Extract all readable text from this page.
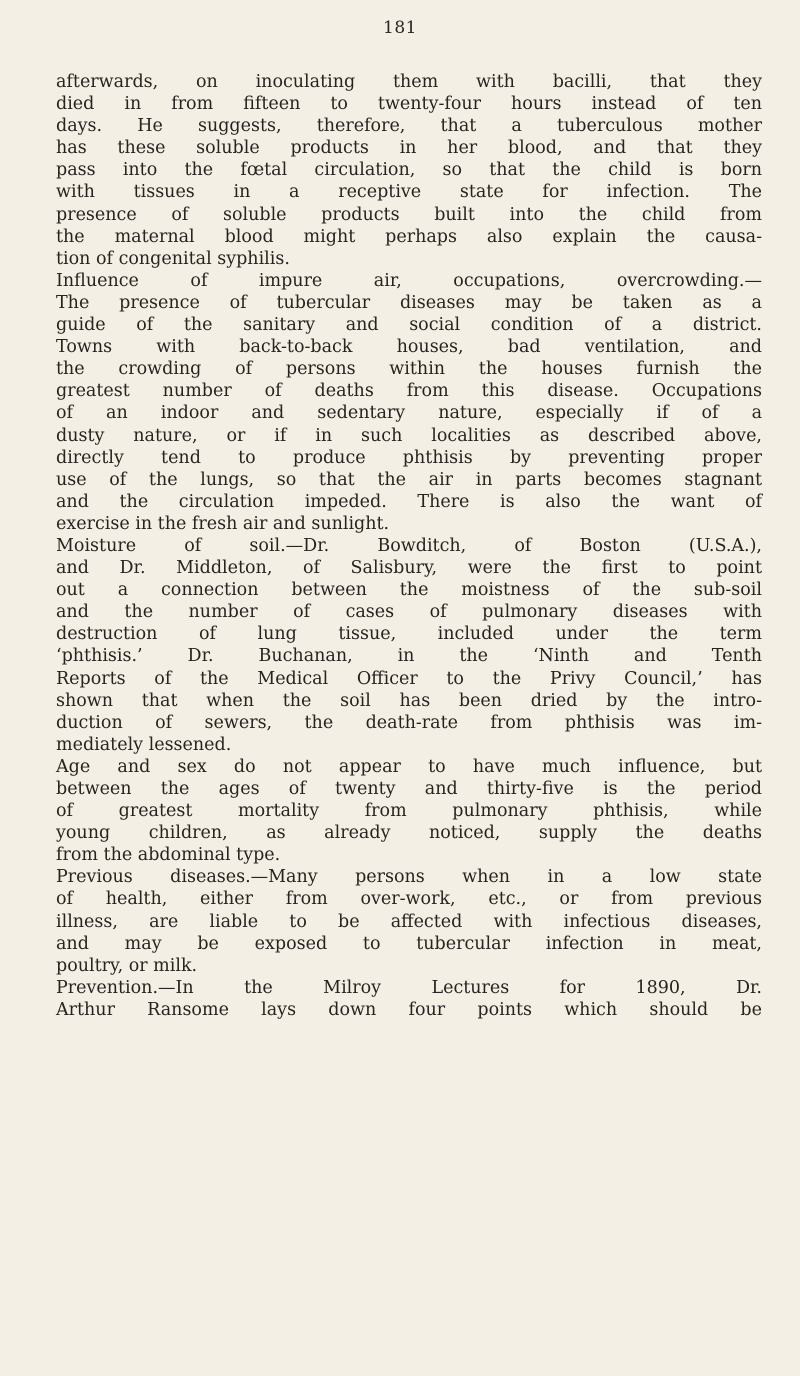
181
afterwards, on inoculating them with bacilli, that they
died in from fifteen to twenty-four hours instead of ten
days. He suggests, therefore, that a tuberculous mother
has these soluble products in her blood, and that they
pass into the fœtal circulation, so that the child is born
with tissues in a receptive state for infection. The
presence of soluble products built into the child from
the maternal blood might perhaps also explain the causa-
tion of congenital syphilis.
Influence of impure air, occupations, overcrowding.—
The presence of tubercular diseases may be taken as a
guide of the sanitary and social condition of a district.
Towns with back-to-back houses, bad ventilation, and
the crowding of persons within the houses furnish the
greatest number of deaths from this disease. Occupations
of an indoor and sedentary nature, especially if of a
dusty nature, or if in such localities as described above,
directly tend to produce phthisis by preventing proper
use of the lungs, so that the air in parts becomes stagnant
and the circulation impeded. There is also the want of
exercise in the fresh air and sunlight.
Moisture of soil.—Dr. Bowditch, of Boston (U.S.A.),
and Dr. Middleton, of Salisbury, were the first to point
out a connection between the moistness of the sub-soil
and the number of cases of pulmonary diseases with
destruction of lung tissue, included under the term
‘phthisis.’ Dr. Buchanan, in the ‘Ninth and Tenth
Reports of the Medical Officer to the Privy Council,’ has
shown that when the soil has been dried by the intro-
duction of sewers, the death-rate from phthisis was im-
mediately lessened.
Age and sex do not appear to have much influence, but
between the ages of twenty and thirty-five is the period
of greatest mortality from pulmonary phthisis, while
young children, as already noticed, supply the deaths
from the abdominal type.
Previous diseases.—Many persons when in a low state
of health, either from over-work, etc., or from previous
illness, are liable to be affected with infectious diseases,
and may be exposed to tubercular infection in meat,
poultry, or milk.
Prevention.—In the Milroy Lectures for 1890, Dr.
Arthur Ransome lays down four points which should be
